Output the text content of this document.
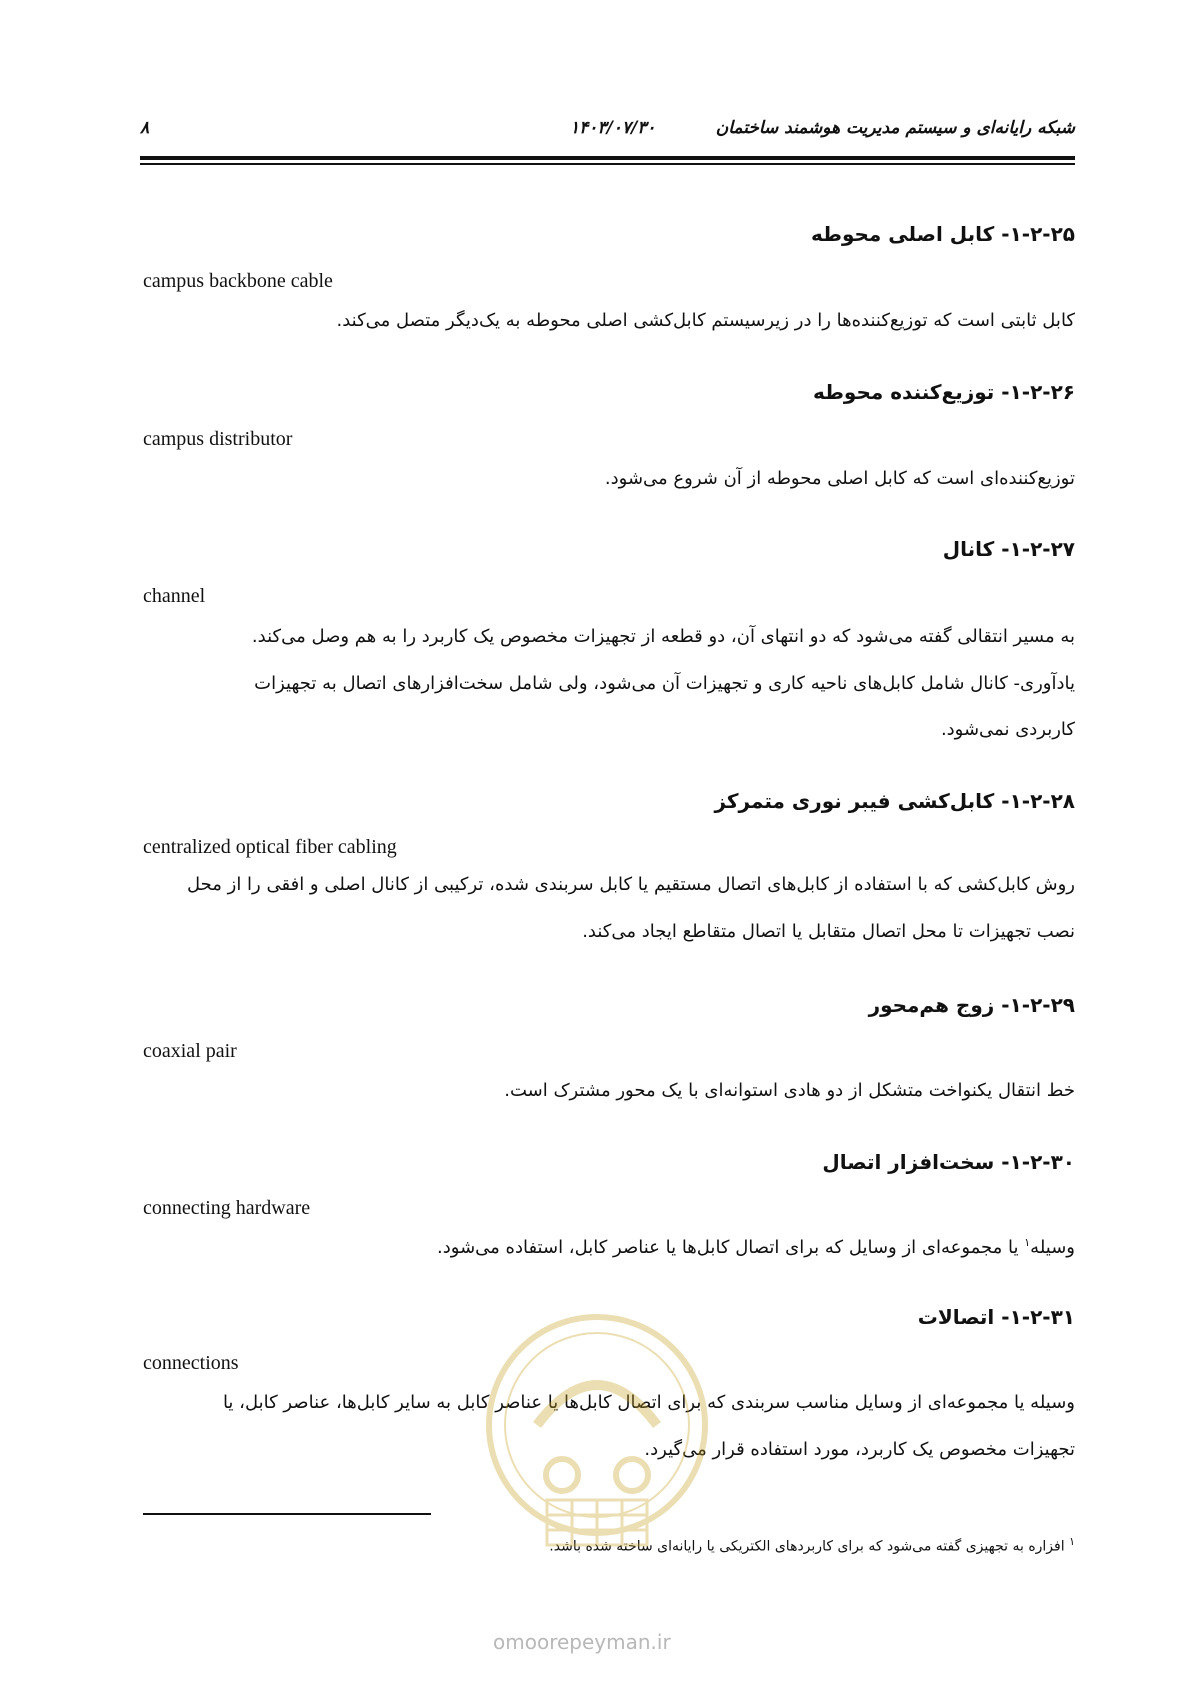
شبکه رایانه‌ای و سیستم مدیریت هوشمند ساختمان
۱۴۰۳/۰۷/۳۰
۸
۱-۲-۲۵- کابل اصلی محوطه
campus backbone cable
کابل ثابتی است که توزیع‌کننده‌ها را در زیرسیستم کابل‌کشی اصلی محوطه به یک‌دیگر متصل می‌کند.
۱-۲-۲۶- توزیع‌کننده محوطه
campus distributor
توزیع‌کننده‌ای است که کابل اصلی محوطه از آن شروع می‌شود.
۱-۲-۲۷- کانال
channel
به مسیر انتقالی گفته می‌شود که دو انتهای آن، دو قطعه از تجهیزات مخصوص یک کاربرد را به هم وصل می‌کند.
یادآوری- کانال شامل کابل‌های ناحیه کاری و تجهیزات آن می‌شود، ولی شامل سخت‌افزارهای اتصال به تجهیزات
کاربردی نمی‌شود.
۱-۲-۲۸- کابل‌کشی فیبر نوری متمرکز
centralized optical fiber cabling
روش کابل‌کشی که با استفاده از کابل‌های اتصال مستقیم یا کابل سربندی شده، ترکیبی از کانال اصلی و افقی را از محل
نصب تجهیزات تا محل اتصال متقابل یا اتصال متقاطع ایجاد می‌کند.
۱-۲-۲۹- زوج هم‌محور
coaxial pair
خط انتقال یکنواخت متشکل از دو هادی استوانه‌ای با یک محور مشترک است.
۱-۲-۳۰- سخت‌افزار اتصال
connecting hardware
وسیله$^۱$ یا مجموعه‌ای از وسایل که برای اتصال کابل‌ها یا عناصر کابل، استفاده می‌شود.
۱-۲-۳۱- اتصالات
connections
وسیله یا مجموعه‌ای از وسایل مناسب سربندی که برای اتصال کابل‌ها یا عناصر کابل به سایر کابل‌ها، عناصر کابل، یا
تجهیزات مخصوص یک کاربرد، مورد استفاده قرار می‌گیرد.
$^۱$ افزاره به تجهیزی گفته می‌شود که برای کاربردهای الکتریکی یا رایانه‌ای ساخته شده باشد.
omoorepeyman.ir
